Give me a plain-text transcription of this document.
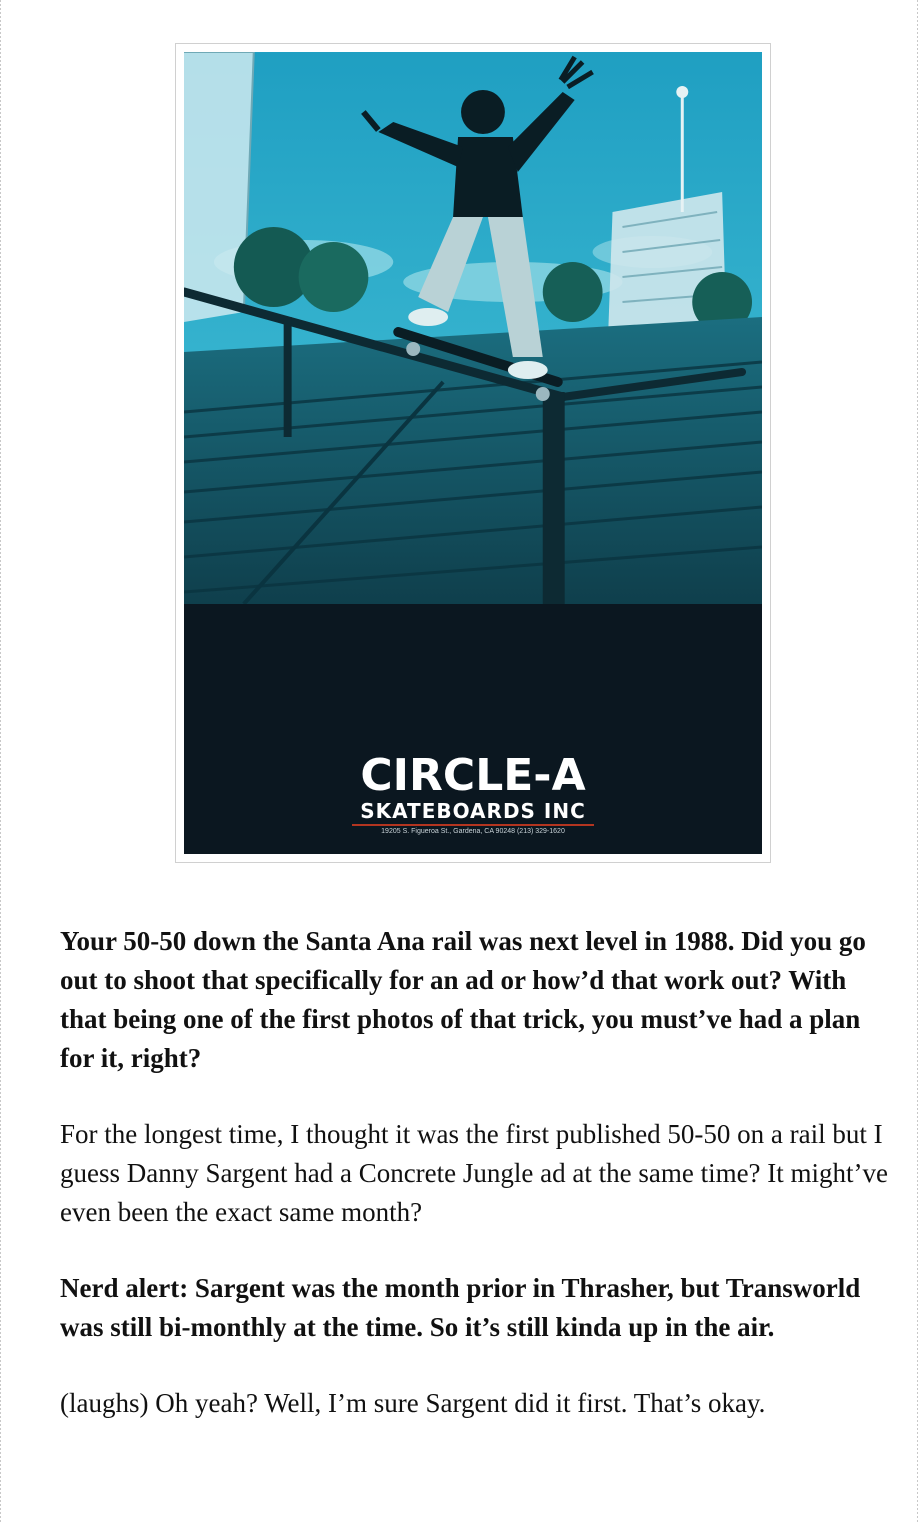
CIRCLE-A
SKATEBOARDS INC
19205 S. Figueroa St., Gardena, CA 90248 (213) 329-1620

Your 50-50 down the Santa Ana rail was next level in 1988. Did you go out to shoot that specifically for an ad or how’d that work out? With that being one of the first photos of that trick, you must’ve had a plan for it, right?

For the longest time, I thought it was the first published 50-50 on a rail but I guess Danny Sargent had a Concrete Jungle ad at the same time? It might’ve even been the exact same month?

Nerd alert: Sargent was the month prior in Thrasher, but Transworld was still bi-monthly at the time. So it’s still kinda up in the air.

(laughs) Oh yeah? Well, I’m sure Sargent did it first. That’s okay.
